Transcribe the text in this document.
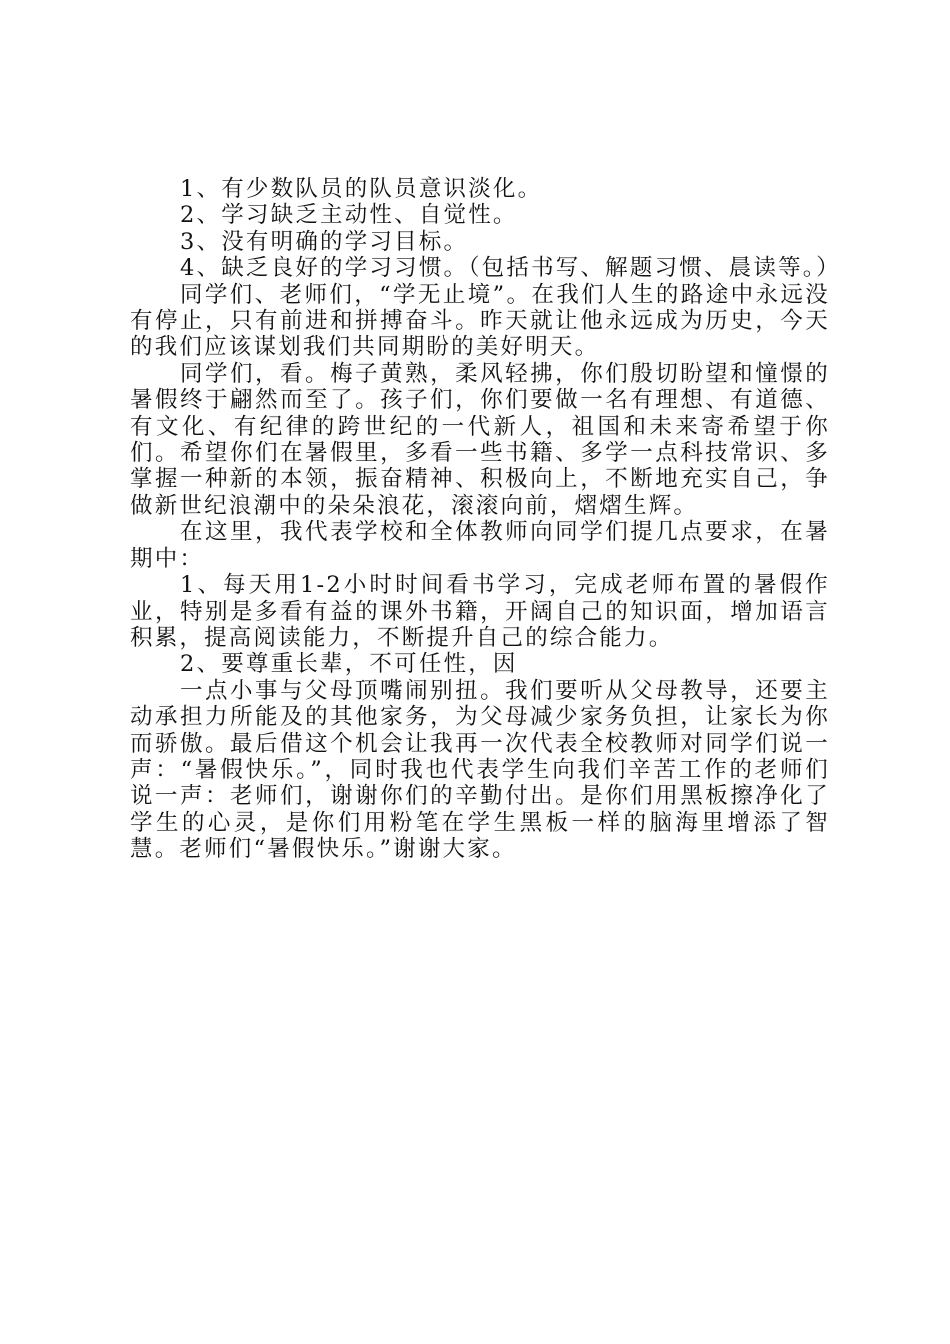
1、有少数队员的队员意识淡化。

2、学习缺乏主动性、自觉性。

3、没有明确的学习目标。

4、缺乏良好的学习习惯。（包括书写、解题习惯、晨读等。）

同学们、老师们，“学无止境”。在我们人生的路途中永远没有停止，只有前进和拼搏奋斗。昨天就让他永远成为历史，今天的我们应该谋划我们共同期盼的美好明天。

同学们，看。梅子黄熟，柔风轻拂，你们殷切盼望和憧憬的暑假终于翩然而至了。孩子们，你们要做一名有理想、有道德、有文化、有纪律的跨世纪的一代新人，祖国和未来寄希望于你们。希望你们在暑假里，多看一些书籍、多学一点科技常识、多掌握一种新的本领，振奋精神、积极向上，不断地充实自己，争做新世纪浪潮中的朵朵浪花，滚滚向前，熠熠生辉。

在这里，我代表学校和全体教师向同学们提几点要求，在暑期中：

1、每天用1-2小时时间看书学习，完成老师布置的暑假作业，特别是多看有益的课外书籍，开阔自己的知识面，增加语言积累，提高阅读能力，不断提升自己的综合能力。

2、要尊重长辈，不可任性，因

一点小事与父母顶嘴闹别扭。我们要听从父母教导，还要主动承担力所能及的其他家务，为父母减少家务负担，让家长为你而骄傲。最后借这个机会让我再一次代表全校教师对同学们说一声：“暑假快乐。”，同时我也代表学生向我们辛苦工作的老师们说一声：老师们，谢谢你们的辛勤付出。是你们用黑板擦净化了学生的心灵，是你们用粉笔在学生黑板一样的脑海里增添了智慧。老师们“暑假快乐。”谢谢大家。
